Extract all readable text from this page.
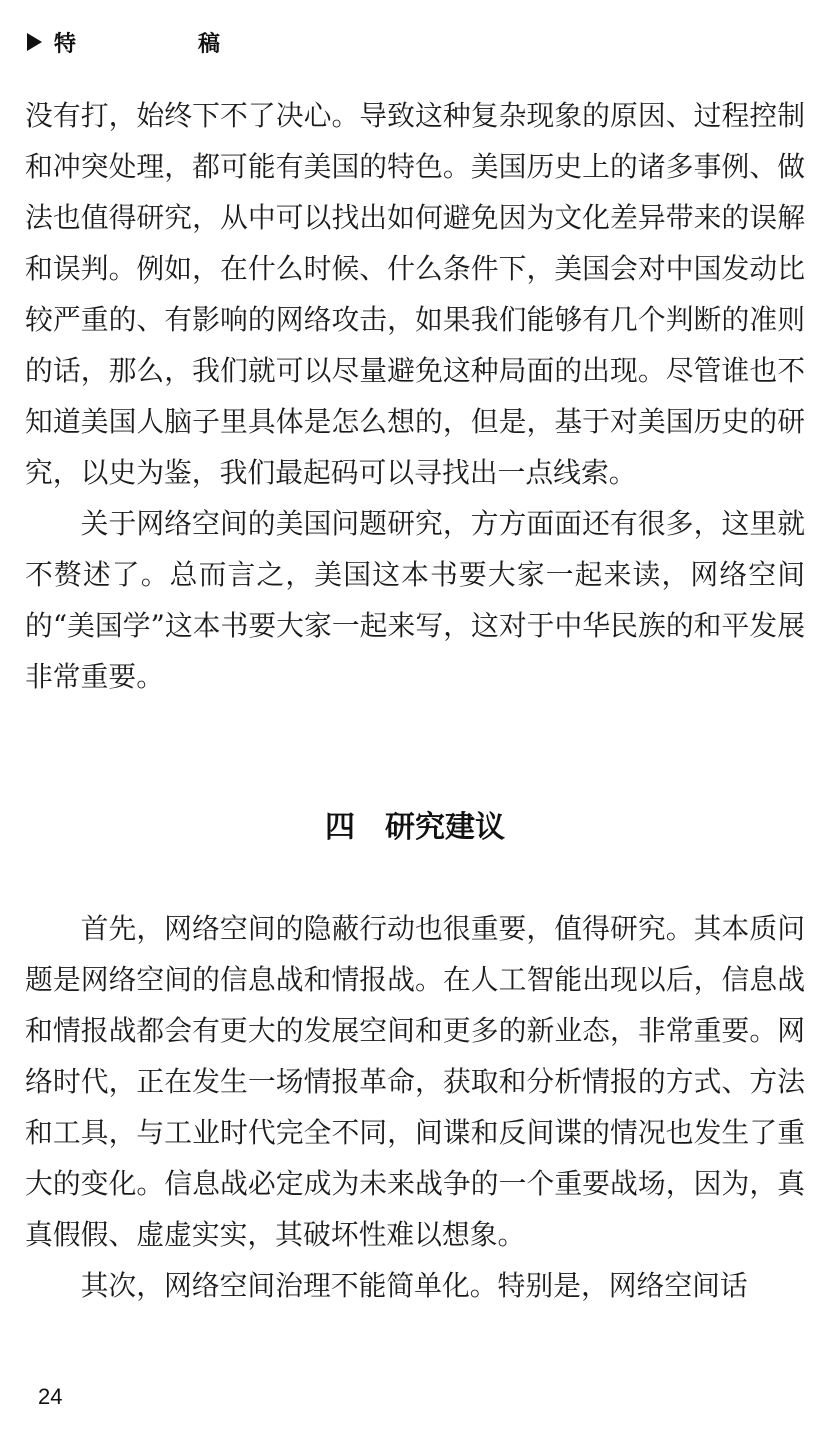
特　稿

没有打，始终下不了决心。导致这种复杂现象的原因、过程控制和冲突处理，都可能有美国的特色。美国历史上的诸多事例、做法也值得研究，从中可以找出如何避免因为文化差异带来的误解和误判。例如，在什么时候、什么条件下，美国会对中国发动比较严重的、有影响的网络攻击，如果我们能够有几个判断的准则的话，那么，我们就可以尽量避免这种局面的出现。尽管谁也不知道美国人脑子里具体是怎么想的，但是，基于对美国历史的研究，以史为鉴，我们最起码可以寻找出一点线索。

关于网络空间的美国问题研究，方方面面还有很多，这里就不赘述了。总而言之，美国这本书要大家一起来读，网络空间的“美国学”这本书要大家一起来写，这对于中华民族的和平发展非常重要。

四 研究建议

首先，网络空间的隐蔽行动也很重要，值得研究。其本质问题是网络空间的信息战和情报战。在人工智能出现以后，信息战和情报战都会有更大的发展空间和更多的新业态，非常重要。网络时代，正在发生一场情报革命，获取和分析情报的方式、方法和工具，与工业时代完全不同，间谍和反间谍的情况也发生了重大的变化。信息战必定成为未来战争的一个重要战场，因为，真真假假、虚虚实实，其破坏性难以想象。

其次，网络空间治理不能简单化。特别是，网络空间话

24
